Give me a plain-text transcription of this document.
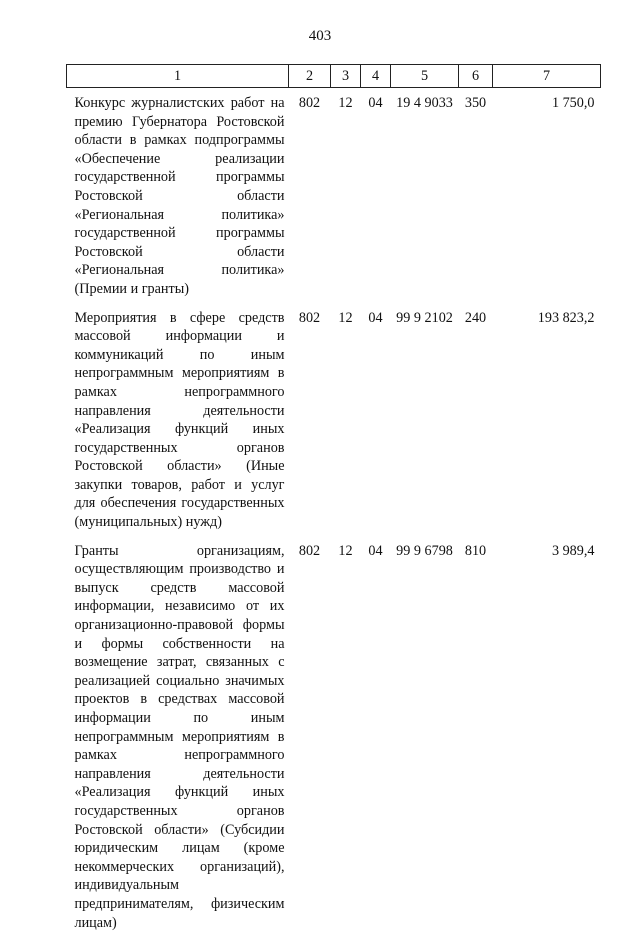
403
1	2	3	4	5	6	7
Конкурс журналистских работ на премию Губернатора Ростовской области в рамках подпрограммы «Обеспечение реализации государственной программы Ростовской области «Региональная политика» государственной программы Ростовской области «Региональная политика» (Премии и гранты)	802	12	04	19 4 9033	350	1 750,0
Мероприятия в сфере средств массовой информации и коммуникаций по иным непрограммным мероприятиям в рамках непрограммного направления деятельности «Реализация функций иных государственных органов Ростовской области» (Иные закупки товаров, работ и услуг для обеспечения государственных (муниципальных) нужд)	802	12	04	99 9 2102	240	193 823,2
Гранты организациям, осуществляющим производство и выпуск средств массовой информации, независимо от их организационно-правовой формы и формы собственности на возмещение затрат, связанных с реализацией социально значимых проектов в средствах массовой информации по иным непрограммным мероприятиям в рамках непрограммного направления деятельности «Реализация функций иных государственных органов Ростовской области» (Субсидии юридическим лицам (кроме некоммерческих организаций), индивидуальным предпринимателям, физическим лицам)	802	12	04	99 9 6798	810	3 989,4
